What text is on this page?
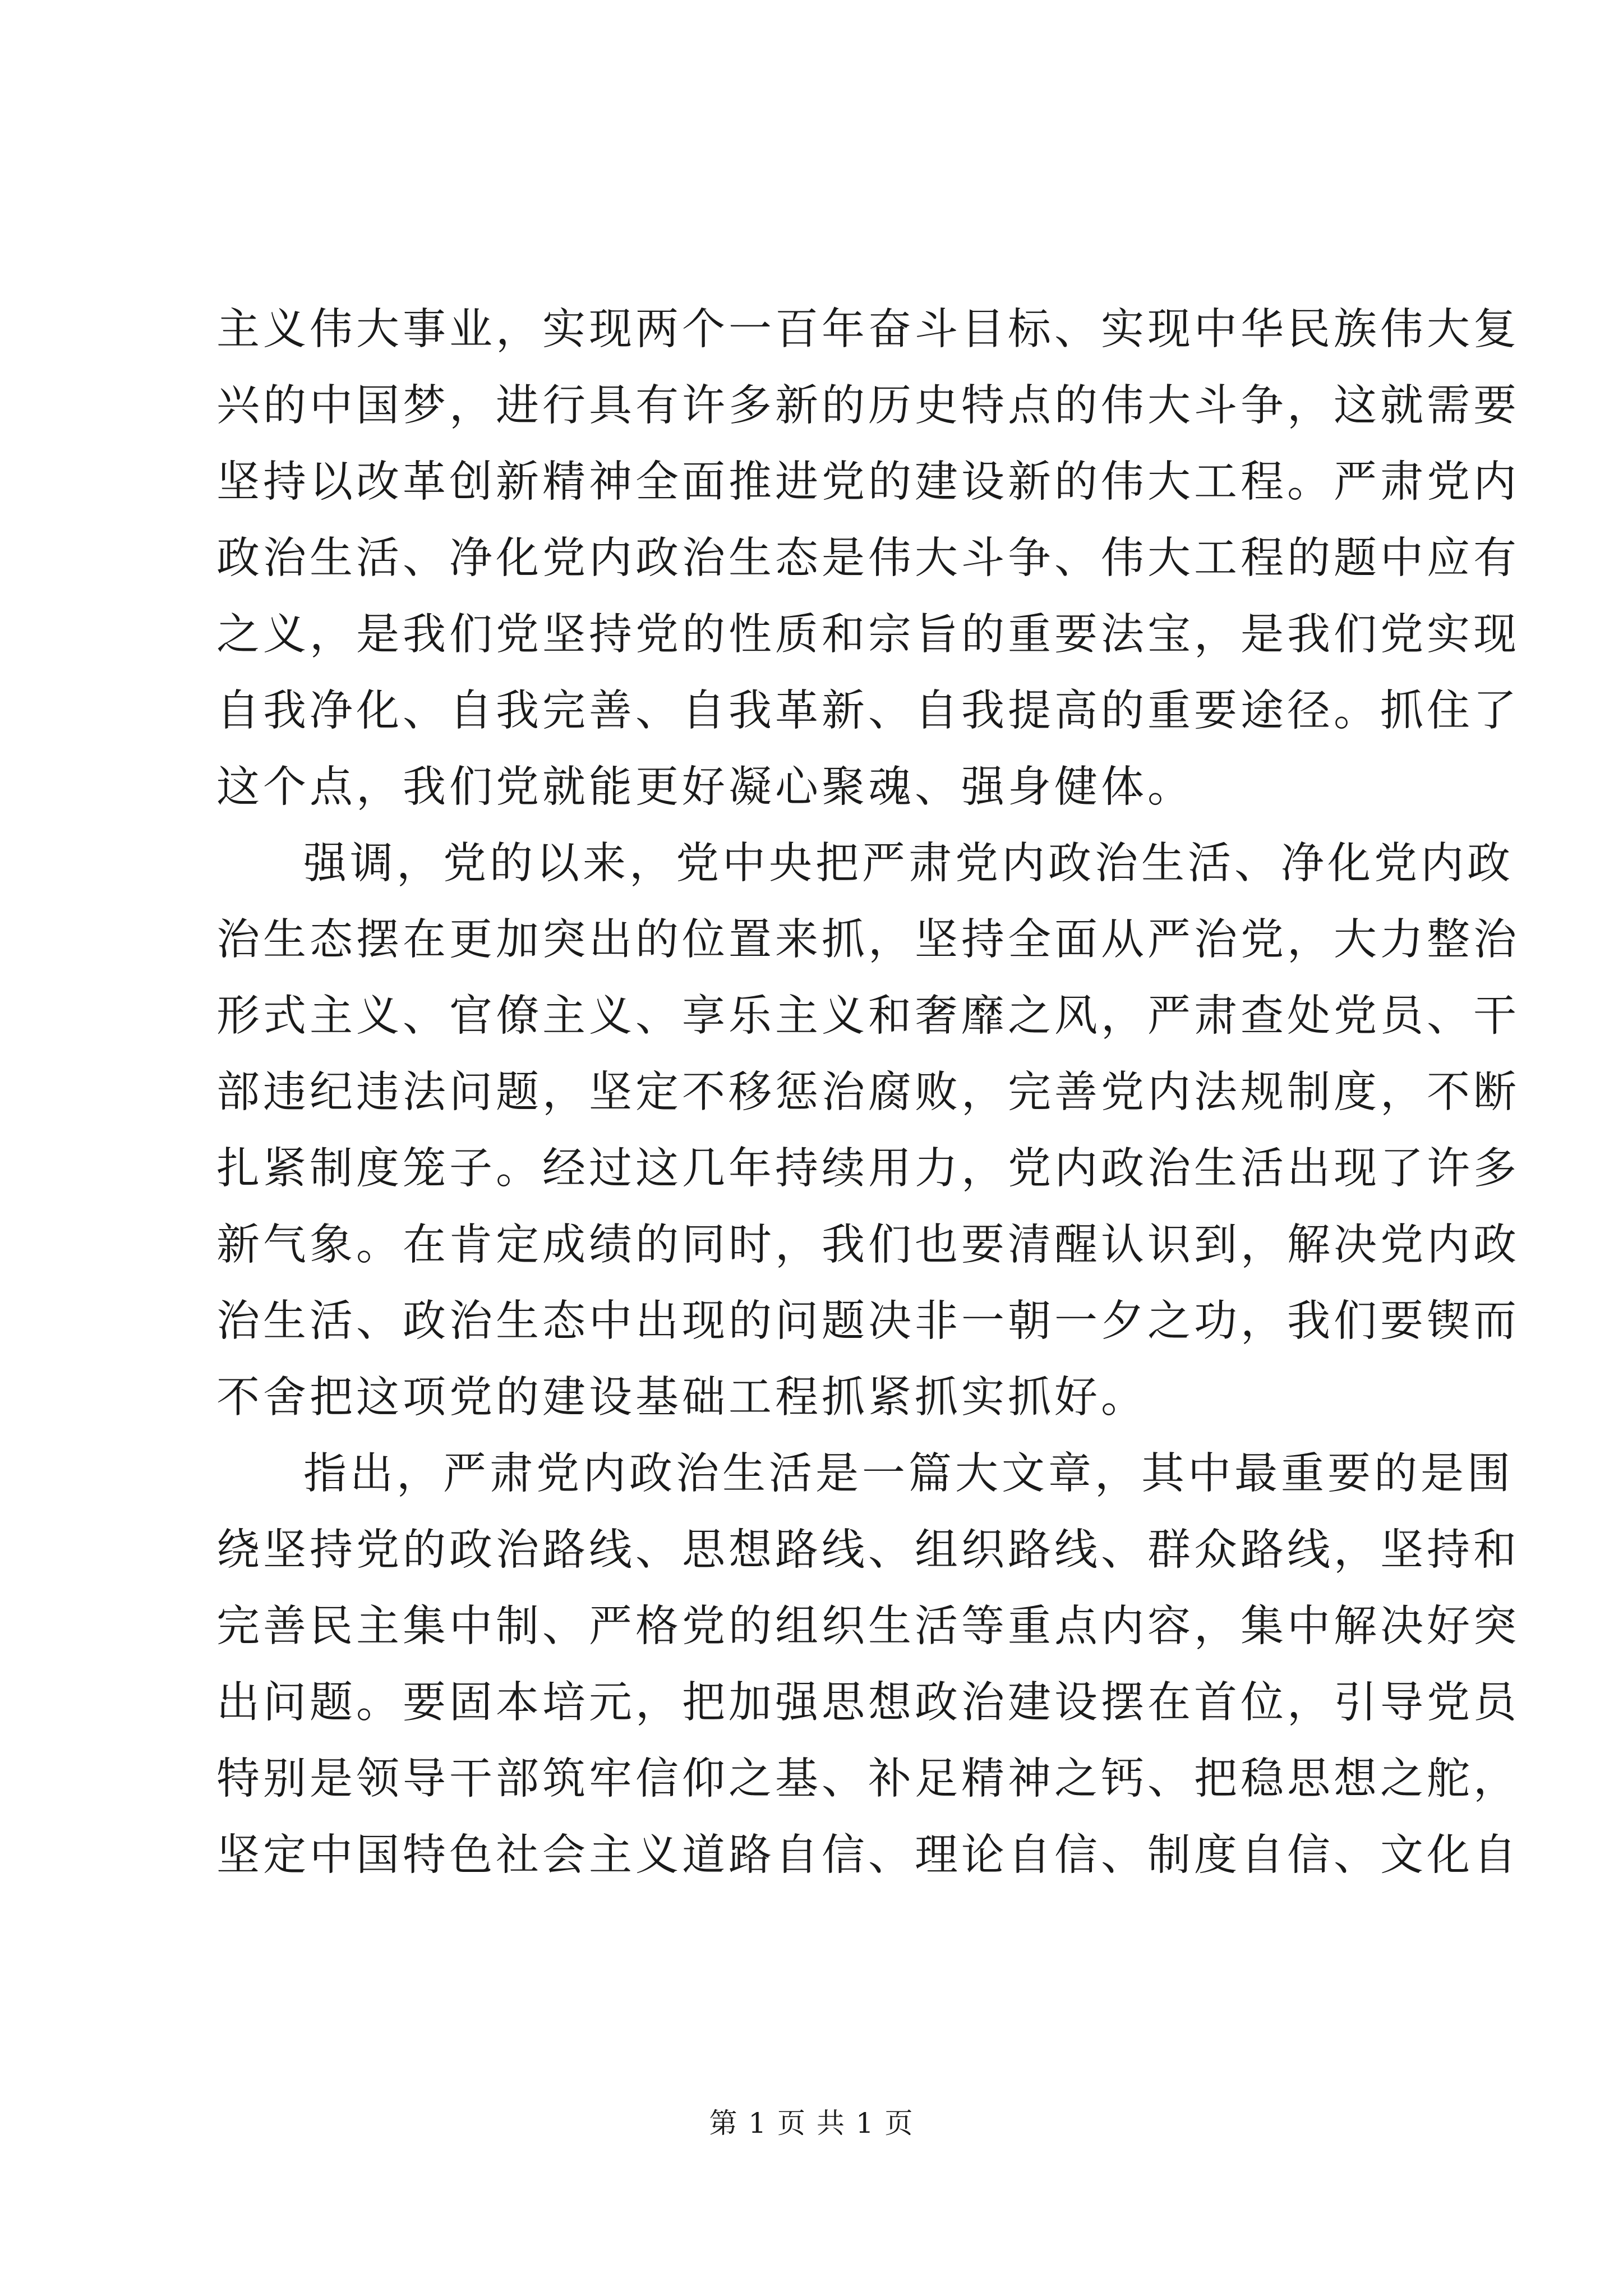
主义伟大事业，实现两个一百年奋斗目标、实现中华民族伟大复
兴的中国梦，进行具有许多新的历史特点的伟大斗争，这就需要
坚持以改革创新精神全面推进党的建设新的伟大工程。严肃党内
政治生活、净化党内政治生态是伟大斗争、伟大工程的题中应有
之义，是我们党坚持党的性质和宗旨的重要法宝，是我们党实现
自我净化、自我完善、自我革新、自我提高的重要途径。抓住了
这个点，我们党就能更好凝心聚魂、强身健体。
强调，党的以来，党中央把严肃党内政治生活、净化党内政
治生态摆在更加突出的位置来抓，坚持全面从严治党，大力整治
形式主义、官僚主义、享乐主义和奢靡之风，严肃查处党员、干
部违纪违法问题，坚定不移惩治腐败，完善党内法规制度，不断
扎紧制度笼子。经过这几年持续用力，党内政治生活出现了许多
新气象。在肯定成绩的同时，我们也要清醒认识到，解决党内政
治生活、政治生态中出现的问题决非一朝一夕之功，我们要锲而
不舍把这项党的建设基础工程抓紧抓实抓好。
指出，严肃党内政治生活是一篇大文章，其中最重要的是围
绕坚持党的政治路线、思想路线、组织路线、群众路线，坚持和
完善民主集中制、严格党的组织生活等重点内容，集中解决好突
出问题。要固本培元，把加强思想政治建设摆在首位，引导党员
特别是领导干部筑牢信仰之基、补足精神之钙、把稳思想之舵，
坚定中国特色社会主义道路自信、理论自信、制度自信、文化自
第 1 页 共 1 页
